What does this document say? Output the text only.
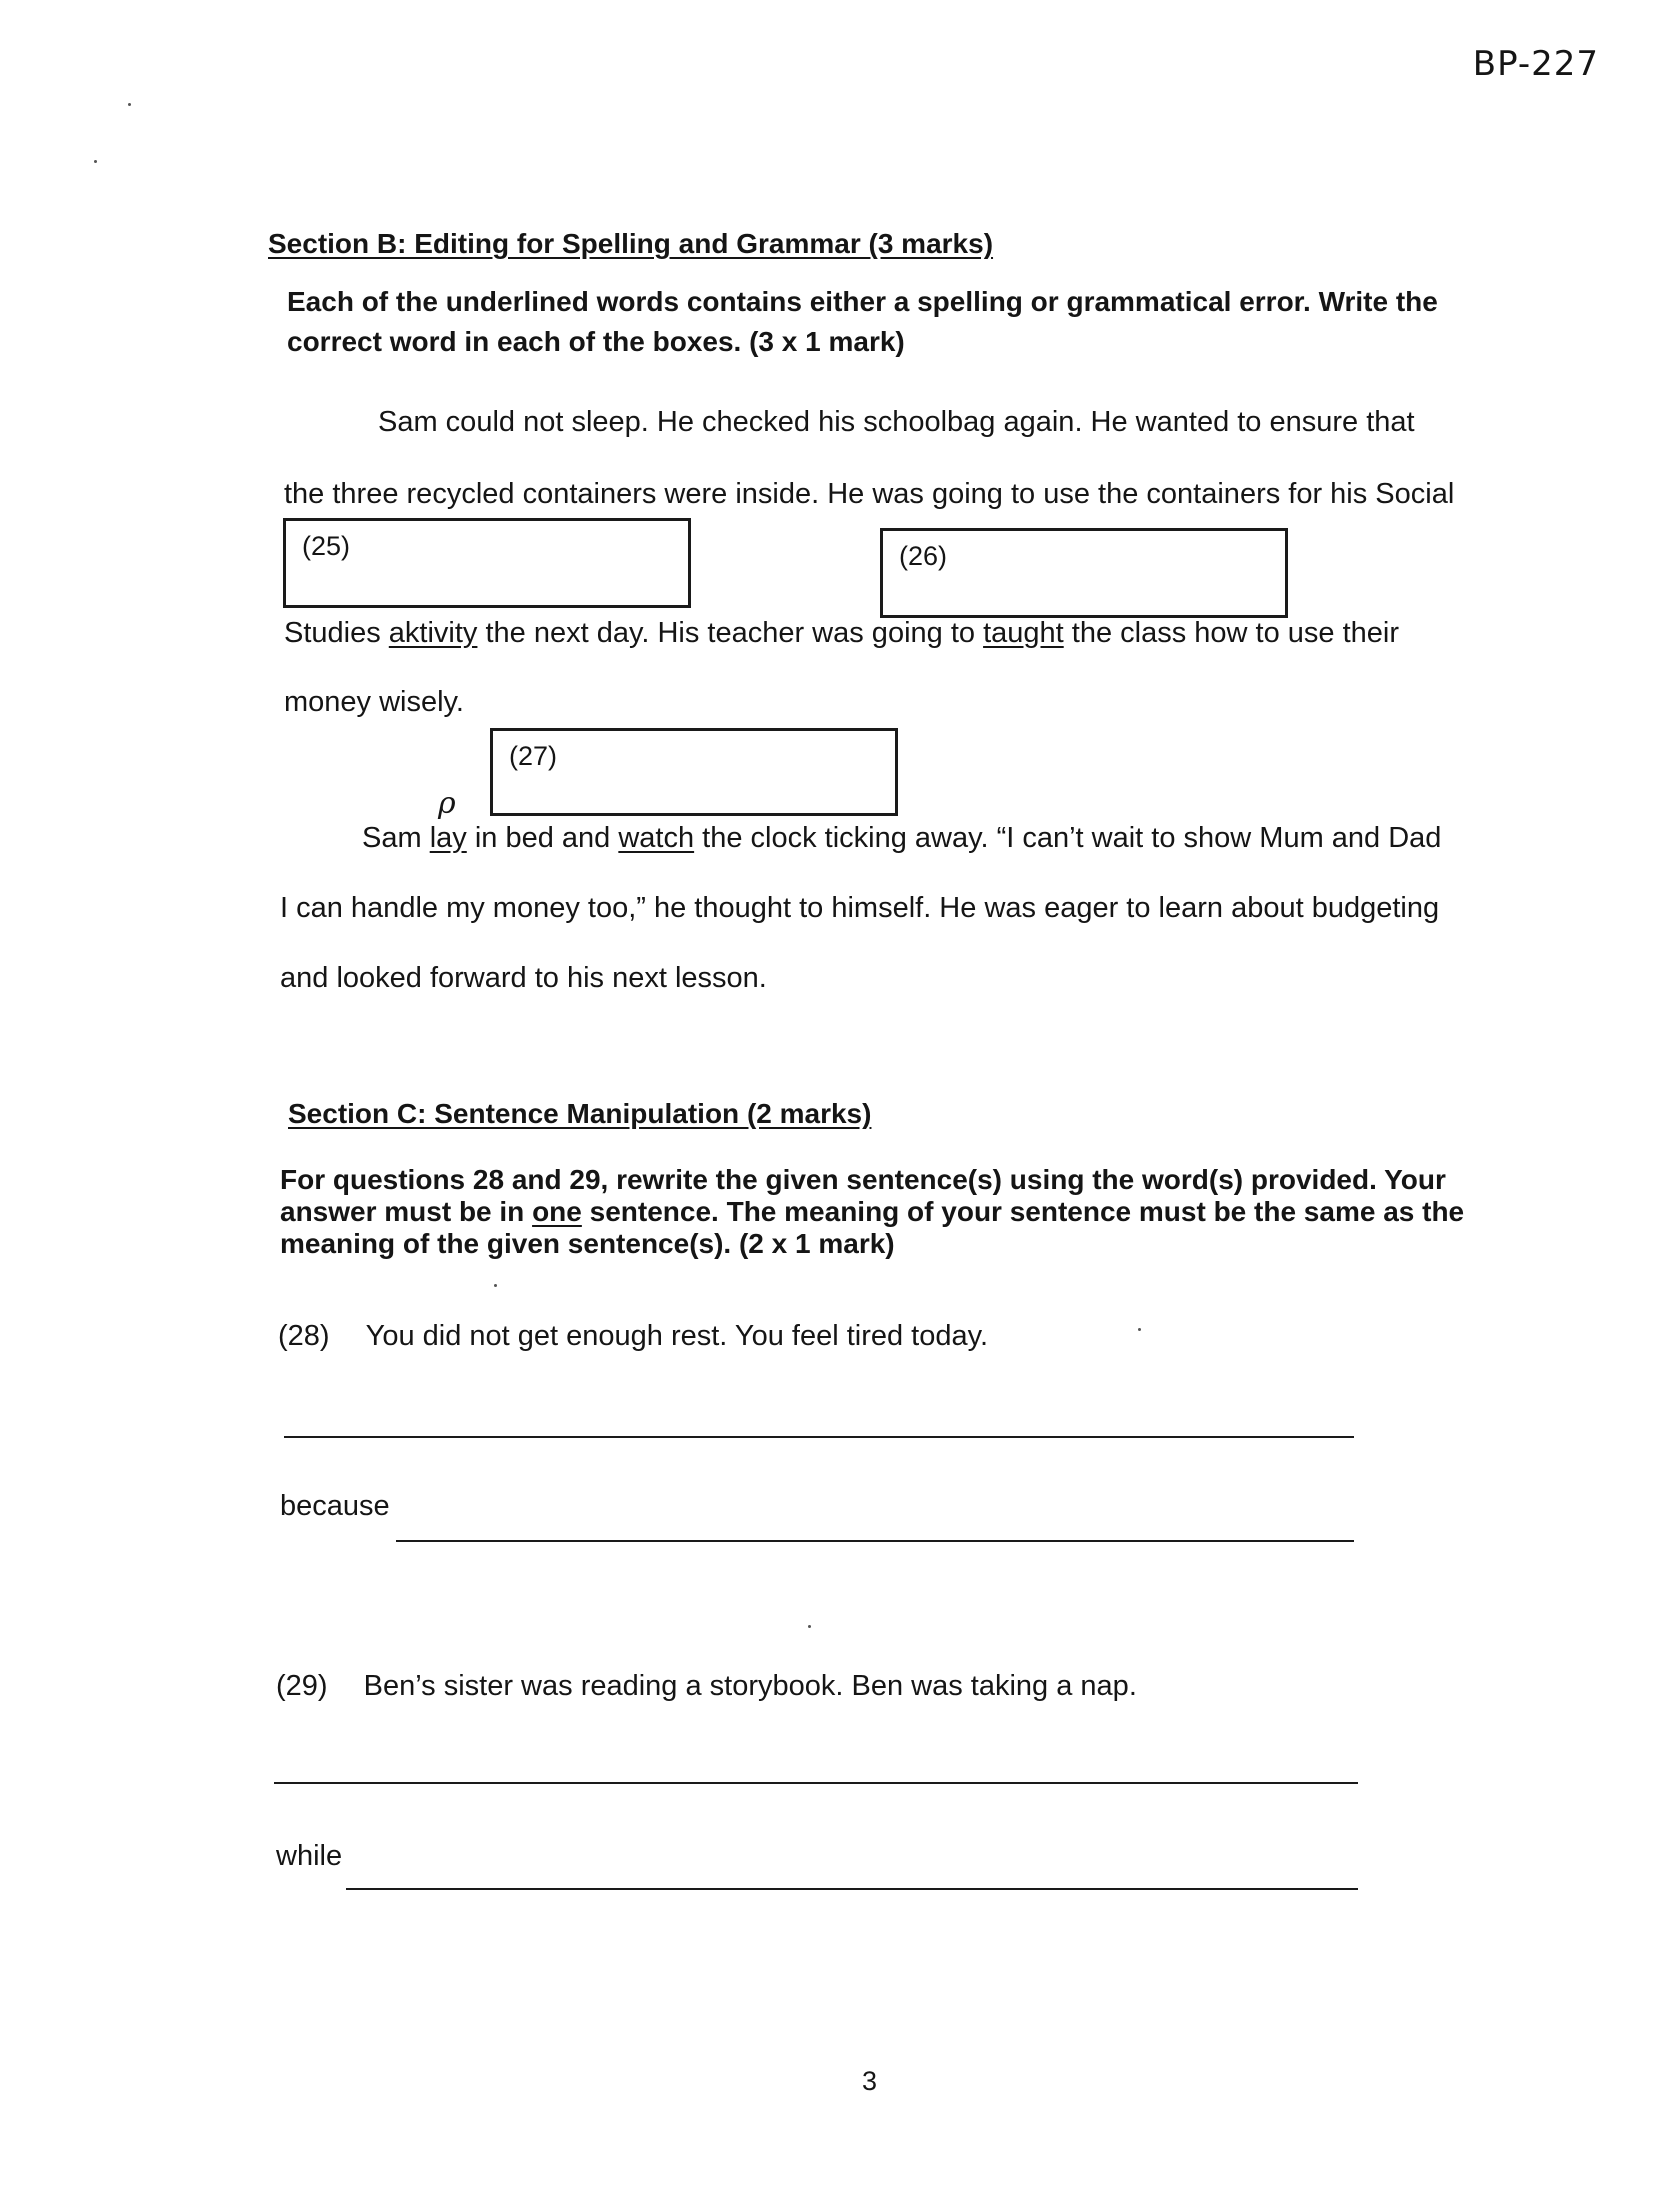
BP-227
Section B: Editing for Spelling and Grammar (3 marks)
Each of the underlined words contains either a spelling or grammatical error. Write the correct word in each of the boxes. (3 x 1 mark)
Sam could not sleep. He checked his schoolbag again. He wanted to ensure that
the three recycled containers were inside. He was going to use the containers for his Social
(25)	(26)
Studies aktivity the next day. His teacher was going to taught the class how to use their
money wisely.
(27)
ρ
Sam lay in bed and watch the clock ticking away. “I can’t wait to show Mum and Dad
I can handle my money too,” he thought to himself. He was eager to learn about budgeting
and looked forward to his next lesson.
Section C: Sentence Manipulation (2 marks)
For questions 28 and 29, rewrite the given sentence(s) using the word(s) provided. Your answer must be in one sentence. The meaning of your sentence must be the same as the meaning of the given sentence(s). (2 x 1 mark)
(28) You did not get enough rest. You feel tired today.
because
(29) Ben’s sister was reading a storybook. Ben was taking a nap.
while
3
